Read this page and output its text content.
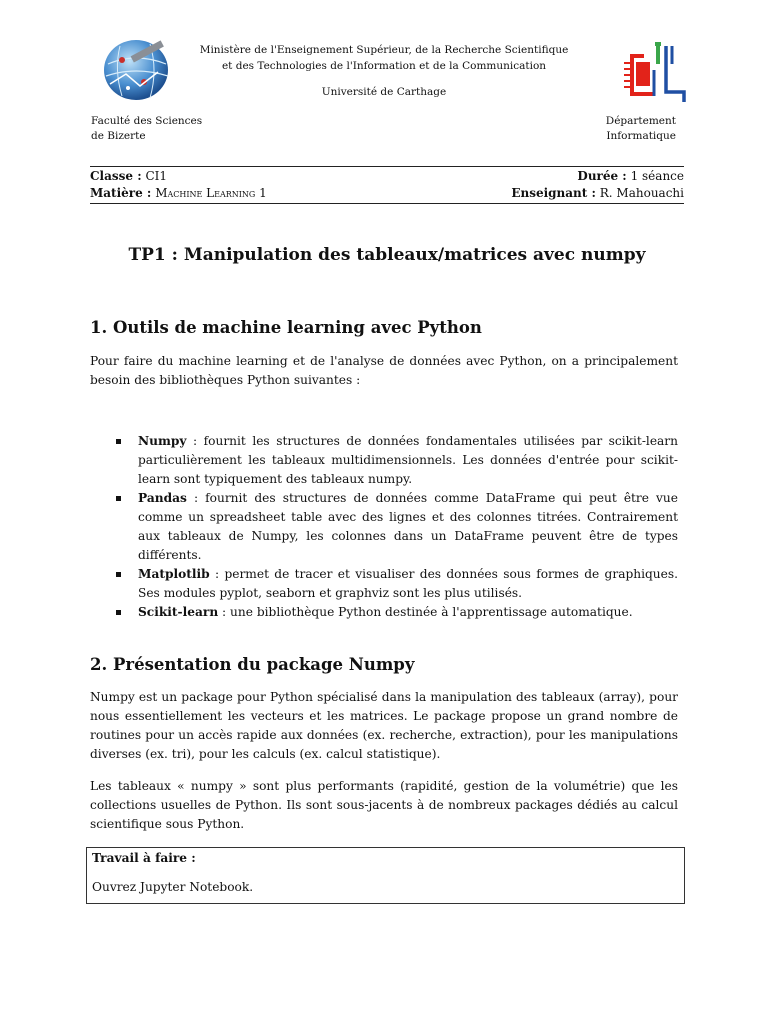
Ministère de l'Enseignement Supérieur, de la Recherche Scientifique
et des Technologies de l'Information et de la Communication
Université de Carthage
Faculté des Sciences
de Bizerte
Département
Informatique
Classe : CI1	Durée : 1 séance
Matière : Machine Learning 1	Enseignant : R. Mahouachi
TP1 : Manipulation des tableaux/matrices avec numpy
1. Outils de machine learning avec Python

Pour faire du machine learning et de l'analyse de données avec Python, on a principalement besoin des bibliothèques Python suivantes :

Numpy : fournit les structures de données fondamentales utilisées par scikit-learn particulièrement les tableaux multidimensionnels. Les données d'entrée pour scikit-learn sont typiquement des tableaux numpy.
Pandas : fournit des structures de données comme DataFrame qui peut être vue comme un spreadsheet table avec des lignes et des colonnes titrées. Contrairement aux tableaux de Numpy, les colonnes dans un DataFrame peuvent être de types différents.
Matplotlib : permet de tracer et visualiser des données sous formes de graphiques. Ses modules pyplot, seaborn et graphviz sont les plus utilisés.
Scikit-learn : une bibliothèque Python destinée à l'apprentissage automatique.
2. Présentation du package Numpy

Numpy est un package pour Python spécialisé dans la manipulation des tableaux (array), pour nous essentiellement les vecteurs et les matrices. Le package propose un grand nombre de routines pour un accès rapide aux données (ex. recherche, extraction), pour les manipulations diverses (ex. tri), pour les calculs (ex. calcul statistique).

Les tableaux « numpy » sont plus performants (rapidité, gestion de la volumétrie) que les collections usuelles de Python. Ils sont sous-jacents à de nombreux packages dédiés au calcul scientifique sous Python.

Travail à faire :
Ouvrez Jupyter Notebook.
